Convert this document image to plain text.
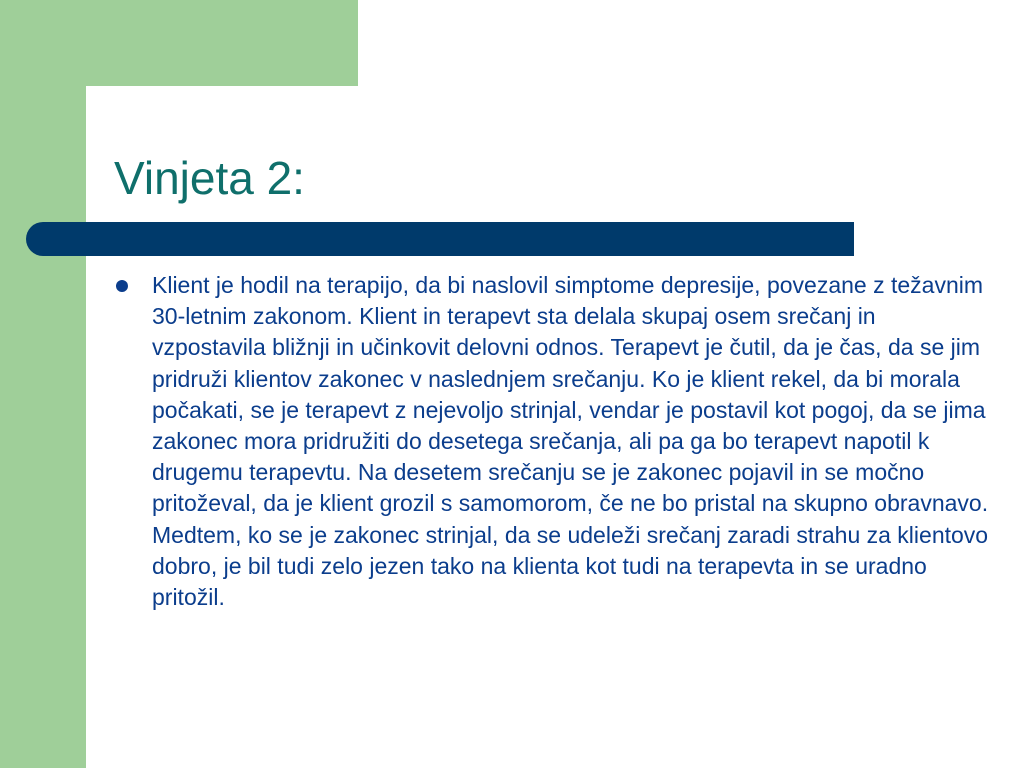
Vinjeta 2:
Klient je hodil na terapijo, da bi naslovil simptome depresije, povezane z težavnim 30-letnim zakonom. Klient in terapevt sta delala skupaj osem srečanj in vzpostavila bližnji in učinkovit delovni odnos. Terapevt je čutil, da je čas, da se jim pridruži klientov zakonec v naslednjem srečanju. Ko je klient rekel, da bi morala počakati, se je terapevt z nejevoljo strinjal, vendar je postavil kot pogoj, da se jima zakonec mora pridružiti do desetega srečanja, ali pa ga bo terapevt napotil k drugemu terapevtu. Na desetem srečanju se je zakonec pojavil in se močno pritoževal, da je klient grozil s samomorom, če ne bo pristal na skupno obravnavo. Medtem, ko se je zakonec strinjal, da se udeleži srečanj zaradi strahu za klientovo dobro, je bil tudi zelo jezen tako na klienta kot tudi na terapevta in se uradno pritožil.
